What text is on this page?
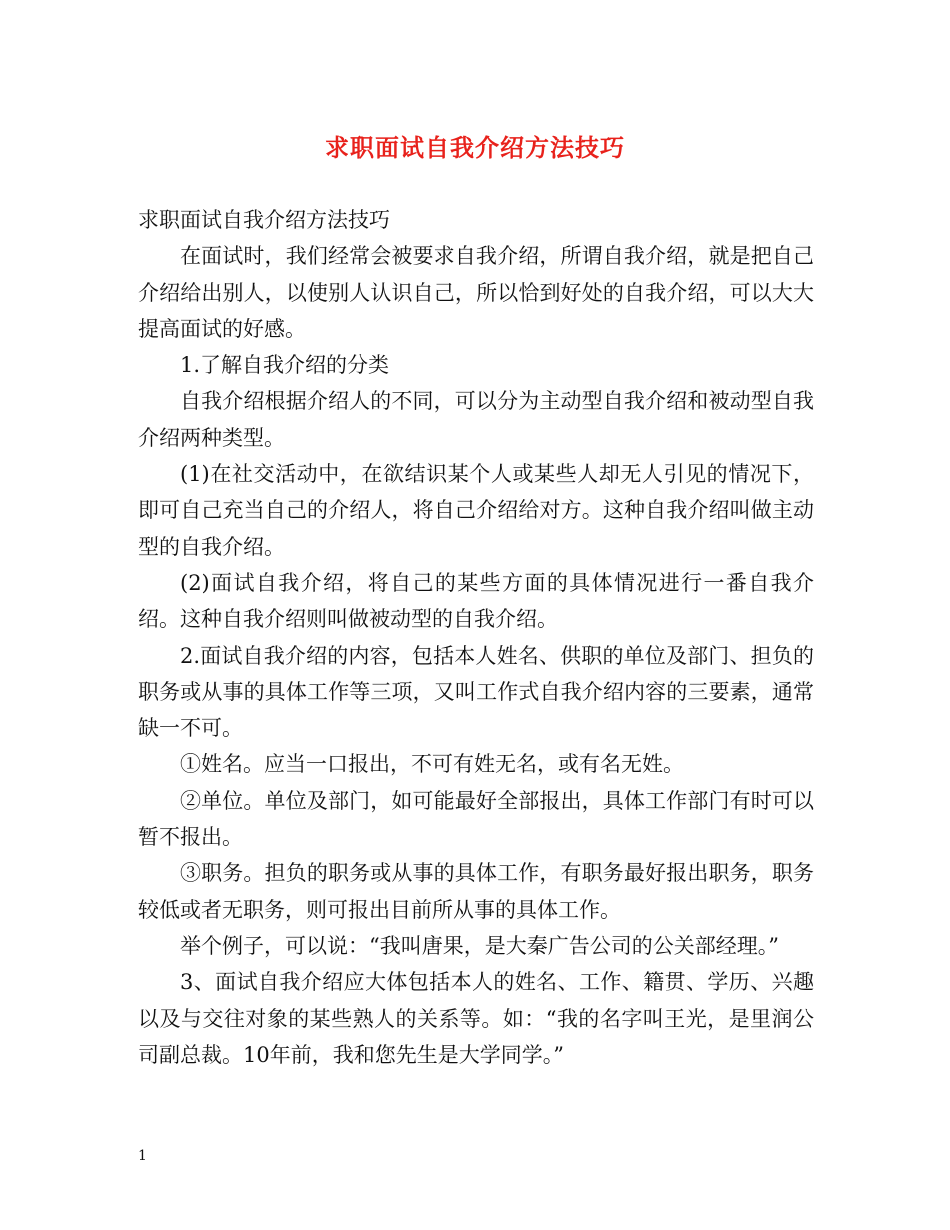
求职面试自我介绍方法技巧

求职面试自我介绍方法技巧

在面试时，我们经常会被要求自我介绍，所谓自我介绍，就是把自己介绍给出别人，以使别人认识自己，所以恰到好处的自我介绍，可以大大提高面试的好感。

1.了解自我介绍的分类

自我介绍根据介绍人的不同，可以分为主动型自我介绍和被动型自我介绍两种类型。

(1)在社交活动中，在欲结识某个人或某些人却无人引见的情况下，即可自己充当自己的介绍人，将自己介绍给对方。这种自我介绍叫做主动型的自我介绍。

(2)面试自我介绍，将自己的某些方面的具体情况进行一番自我介绍。这种自我介绍则叫做被动型的自我介绍。

2.面试自我介绍的内容，包括本人姓名、供职的单位及部门、担负的职务或从事的具体工作等三项，又叫工作式自我介绍内容的三要素，通常缺一不可。

①姓名。应当一口报出，不可有姓无名，或有名无姓。

②单位。单位及部门，如可能最好全部报出，具体工作部门有时可以暂不报出。

③职务。担负的职务或从事的具体工作，有职务最好报出职务，职务较低或者无职务，则可报出目前所从事的具体工作。

举个例子，可以说：“我叫唐果，是大秦广告公司的公关部经理。”

3、面试自我介绍应大体包括本人的姓名、工作、籍贯、学历、兴趣以及与交往对象的某些熟人的关系等。如：“我的名字叫王光，是里润公司副总裁。10年前，我和您先生是大学同学。”

1
